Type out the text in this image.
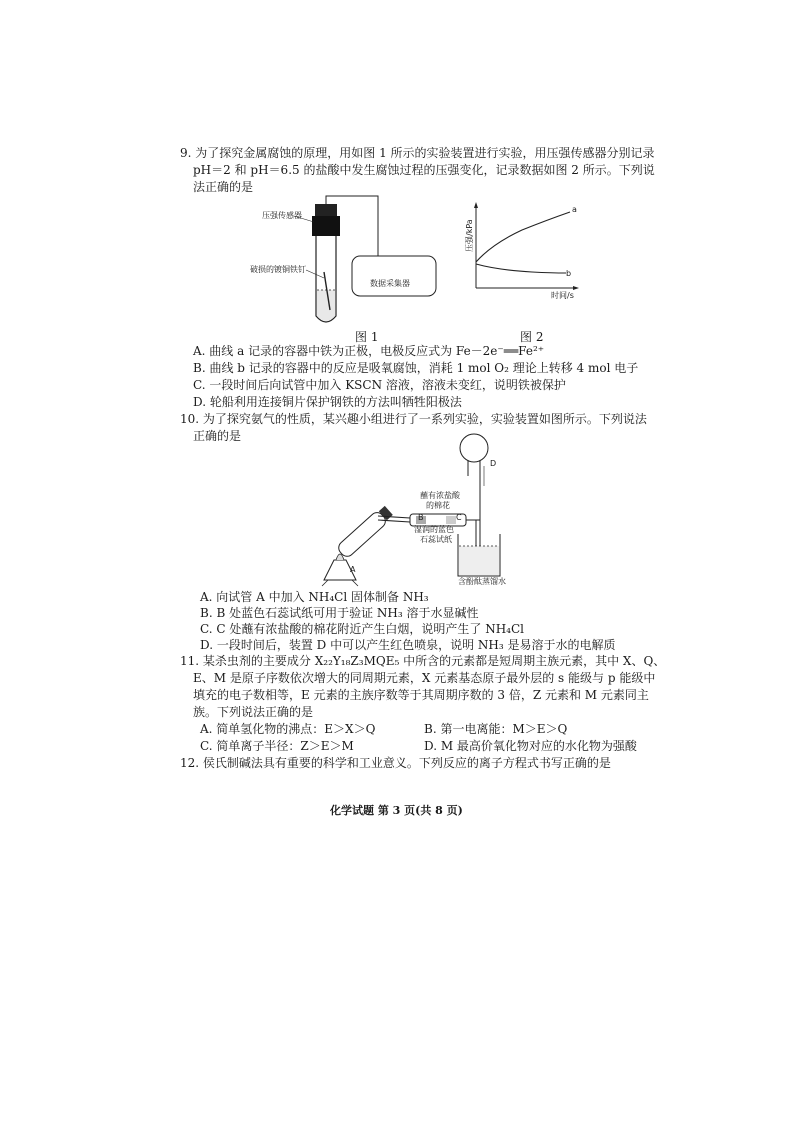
9. 为了探究金属腐蚀的原理，用如图 1 所示的实验装置进行实验，用压强传感器分别记录
pH＝2 和 pH＝6.5 的盐酸中发生腐蚀过程的压强变化，记录数据如图 2 所示。下列说
法正确的是
压强传感器
破损的镀铜铁钉
数据采集器
图 1
压强/kPa
时间/s
a
b
图 2
A. 曲线 a 记录的容器中铁为正极，电极反应式为 Fe－2e⁻══Fe²⁺
B. 曲线 b 记录的容器中的反应是吸氧腐蚀，消耗 1 mol O₂ 理论上转移 4 mol 电子
C. 一段时间后向试管中加入 KSCN 溶液，溶液未变红，说明铁被保护
D. 轮船利用连接铜片保护钢铁的方法叫牺牲阳极法
10. 为了探究氨气的性质，某兴趣小组进行了一系列实验，实验装置如图所示。下列说法
正确的是
蘸有浓盐酸
的棉花
湿润的蓝色
石蕊试纸
A
B	C
D
含酚酞蒸馏水
A. 向试管 A 中加入 NH₄Cl 固体制备 NH₃
B. B 处蓝色石蕊试纸可用于验证 NH₃ 溶于水显碱性
C. C 处蘸有浓盐酸的棉花附近产生白烟，说明产生了 NH₄Cl
D. 一段时间后，装置 D 中可以产生红色喷泉，说明 NH₃ 是易溶于水的电解质
11. 某杀虫剂的主要成分 X₂₂Y₁₈Z₃MQE₅ 中所含的元素都是短周期主族元素，其中 X、Q、
E、M 是原子序数依次增大的同周期元素，X 元素基态原子最外层的 s 能级与 p 能级中
填充的电子数相等，E 元素的主族序数等于其周期序数的 3 倍，Z 元素和 M 元素同主
族。下列说法正确的是
A. 简单氢化物的沸点：E＞X＞Q	B. 第一电离能：M＞E＞Q
C. 简单离子半径：Z＞E＞M	D. M 最高价氧化物对应的水化物为强酸
12. 侯氏制碱法具有重要的科学和工业意义。下列反应的离子方程式书写正确的是
化学试题 第 3 页(共 8 页)
